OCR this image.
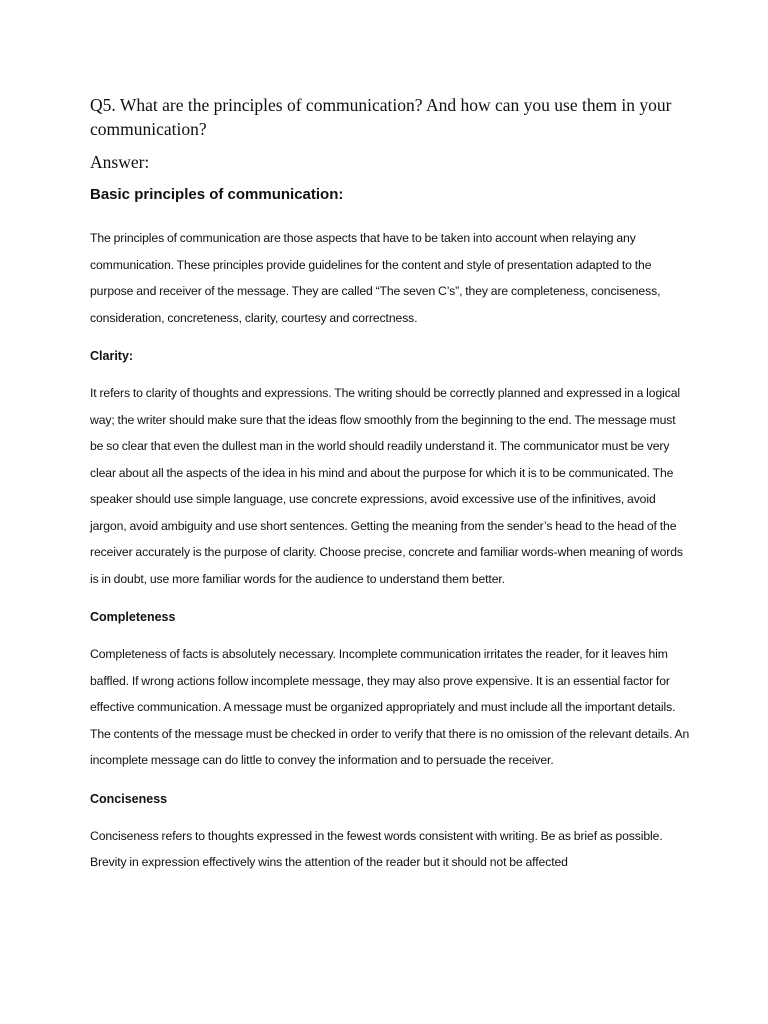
Q5. What are the principles of communication? And how can you use them in your communication?

Answer:

Basic principles of communication:

The principles of communication are those aspects that have to be taken into account when relaying any communication. These principles provide guidelines for the content and style of presentation adapted to the purpose and receiver of the message. They are called “The seven C’s”, they are completeness, conciseness, consideration, concreteness, clarity, courtesy and correctness.

Clarity:

It refers to clarity of thoughts and expressions. The writing should be correctly planned and expressed in a logical way; the writer should make sure that the ideas flow smoothly from the beginning to the end. The message must be so clear that even the dullest man in the world should readily understand it. The communicator must be very clear about all the aspects of the idea in his mind and about the purpose for which it is to be communicated. The speaker should use simple language, use concrete expressions, avoid excessive use of the infinitives, avoid jargon, avoid ambiguity and use short sentences. Getting the meaning from the sender’s head to the head of the receiver accurately is the purpose of clarity. Choose precise, concrete and familiar words-when meaning of words is in doubt, use more familiar words for the audience to understand them better.

Completeness

Completeness of facts is absolutely necessary. Incomplete communication irritates the reader, for it leaves him baffled. If wrong actions follow incomplete message, they may also prove expensive. It is an essential factor for effective communication. A message must be organized appropriately and must include all the important details. The contents of the message must be checked in order to verify that there is no omission of the relevant details. An incomplete message can do little to convey the information and to persuade the receiver.

Conciseness

Conciseness refers to thoughts expressed in the fewest words consistent with writing. Be as brief as possible. Brevity in expression effectively wins the attention of the reader but it should not be affected
